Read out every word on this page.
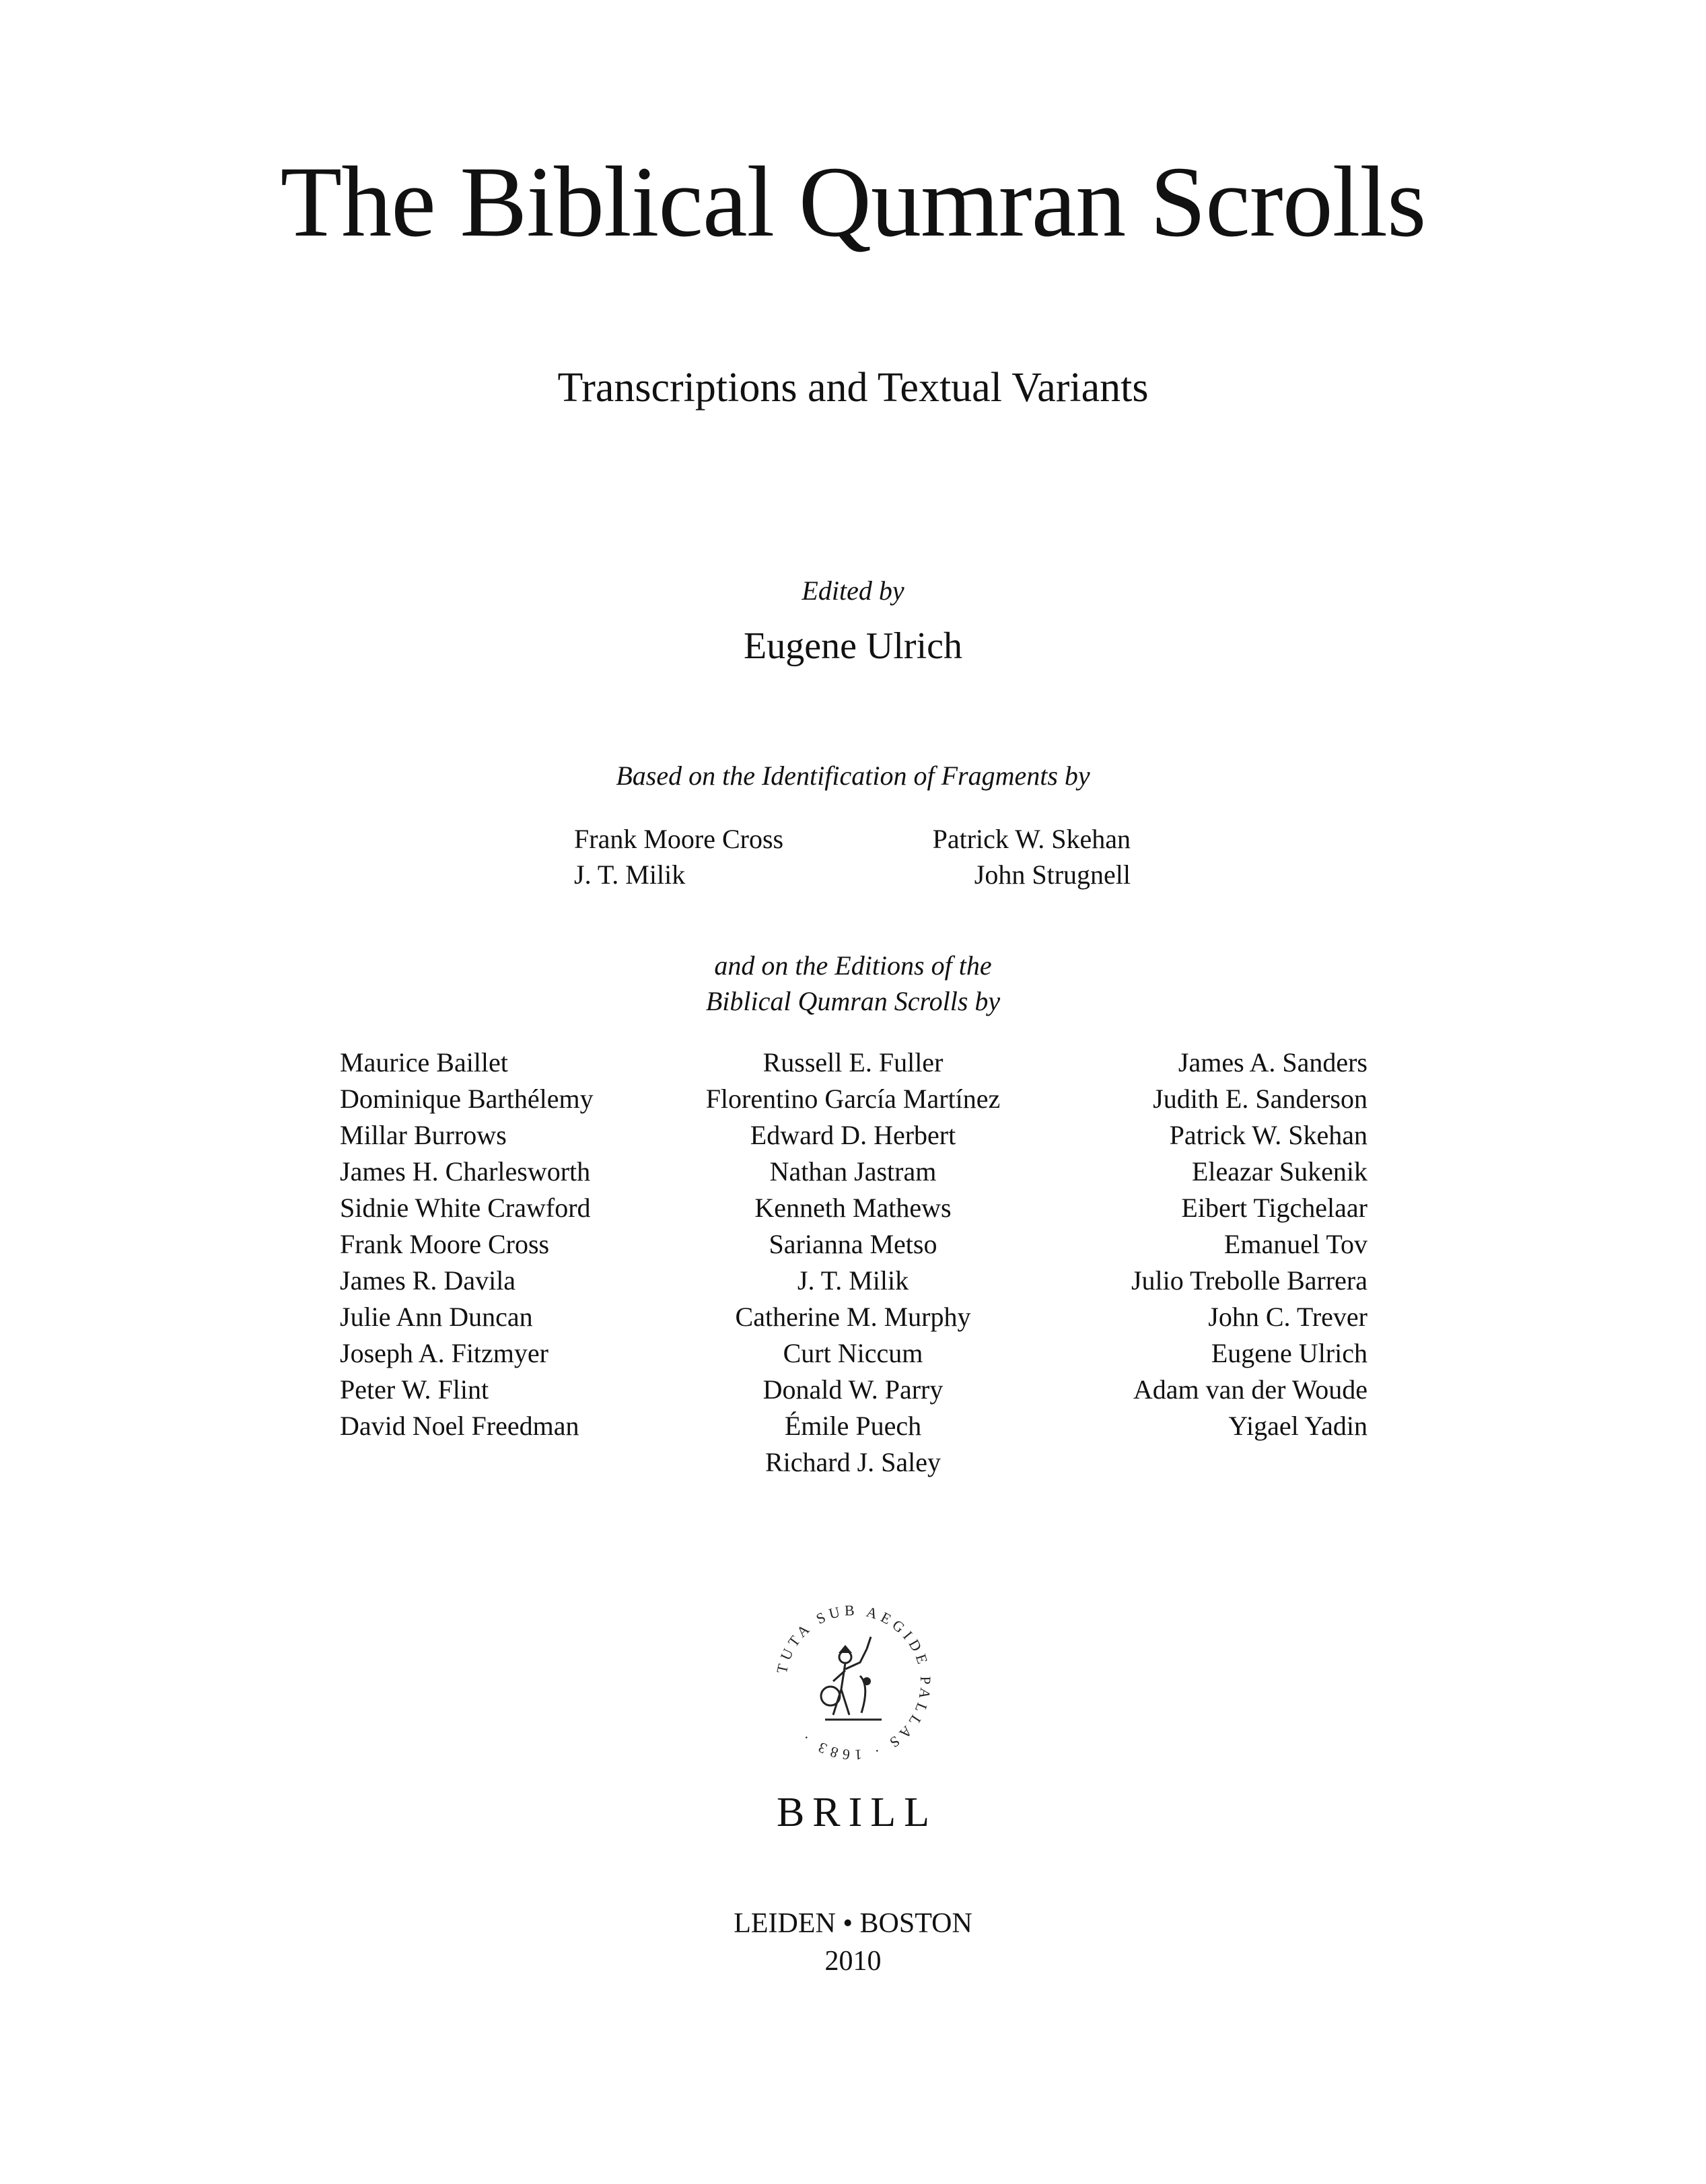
The Biblical Qumran Scrolls
Transcriptions and Textual Variants
Edited by
Eugene Ulrich
Based on the Identification of Fragments by
Frank Moore Cross
J. T. Milik
Patrick W. Skehan
John Strugnell
and on the Editions of the
Biblical Qumran Scrolls by
Maurice Baillet
Dominique Barthélemy
Millar Burrows
James H. Charlesworth
Sidnie White Crawford
Frank Moore Cross
James R. Davila
Julie Ann Duncan
Joseph A. Fitzmyer
Peter W. Flint
David Noel Freedman
Russell E. Fuller
Florentino García Martínez
Edward D. Herbert
Nathan Jastram
Kenneth Mathews
Sarianna Metso
J. T. Milik
Catherine M. Murphy
Curt Niccum
Donald W. Parry
Émile Puech
Richard J. Saley
James A. Sanders
Judith E. Sanderson
Patrick W. Skehan
Eleazar Sukenik
Eibert Tigchelaar
Emanuel Tov
Julio Trebolle Barrera
John C. Trever
Eugene Ulrich
Adam van der Woude
Yigael Yadin
TUTA SUB AEGIDE PALLAS · 1683 ·
BRILL
LEIDEN • BOSTON
2010
